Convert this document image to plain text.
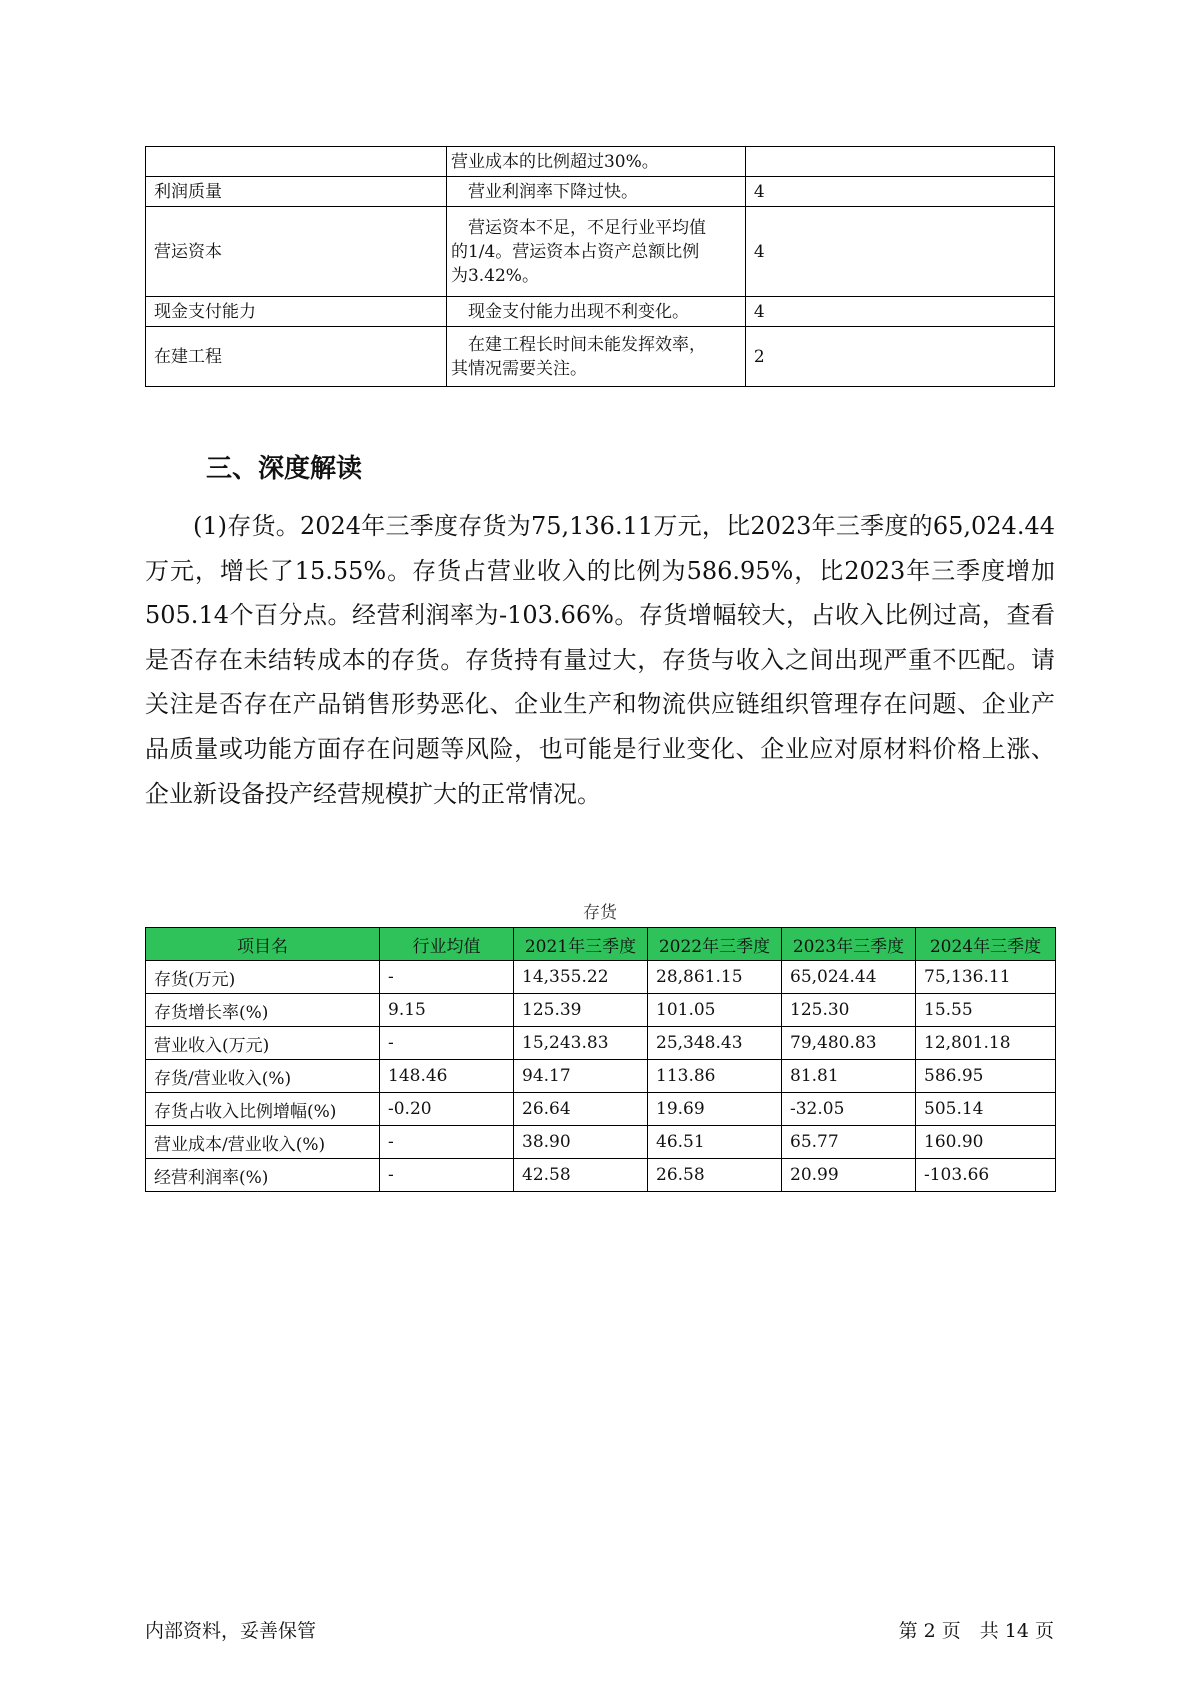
	营业成本的比例超过30%。	

利润质量	　营业利润率下降过快。	4
营运资本	　营运资本不足，不足行业平均值
的1/4。营运资本占资产总额比例
为3.42%。	4
现金支付能力	　现金支付能力出现不利变化。	4
在建工程	　在建工程长时间未能发挥效率，
其情况需要关注。	2
三、深度解读

(1)存货。2024年三季度存货为75,136.11万元，比2023年三季度的65,024.44万元，增长了15.55%。存货占营业收入的比例为586.95%，比2023年三季度增加505.14个百分点。经营利润率为-103.66%。存货增幅较大，占收入比例过高，查看是否存在未结转成本的存货。存货持有量过大，存货与收入之间出现严重不匹配。请关注是否存在产品销售形势恶化、企业生产和物流供应链组织管理存在问题、企业产品质量或功能方面存在问题等风险，也可能是行业变化、企业应对原材料价格上涨、企业新设备投产经营规模扩大的正常情况。

存货
项目名	行业均值	2021年三季度	2022年三季度	2023年三季度	2024年三季度
存货(万元)	-	14,355.22	28,861.15	65,024.44	75,136.11
存货增长率(%)	9.15	125.39	101.05	125.30	15.55
营业收入(万元)	-	15,243.83	25,348.43	79,480.83	12,801.18
存货/营业收入(%)	148.46	94.17	113.86	81.81	586.95
存货占收入比例增幅(%)	-0.20	26.64	19.69	-32.05	505.14
营业成本/营业收入(%)	-	38.90	46.51	65.77	160.90
经营利润率(%)	-	42.58	26.58	20.99	-103.66
内部资料，妥善保管	第 2 页　共 14 页
